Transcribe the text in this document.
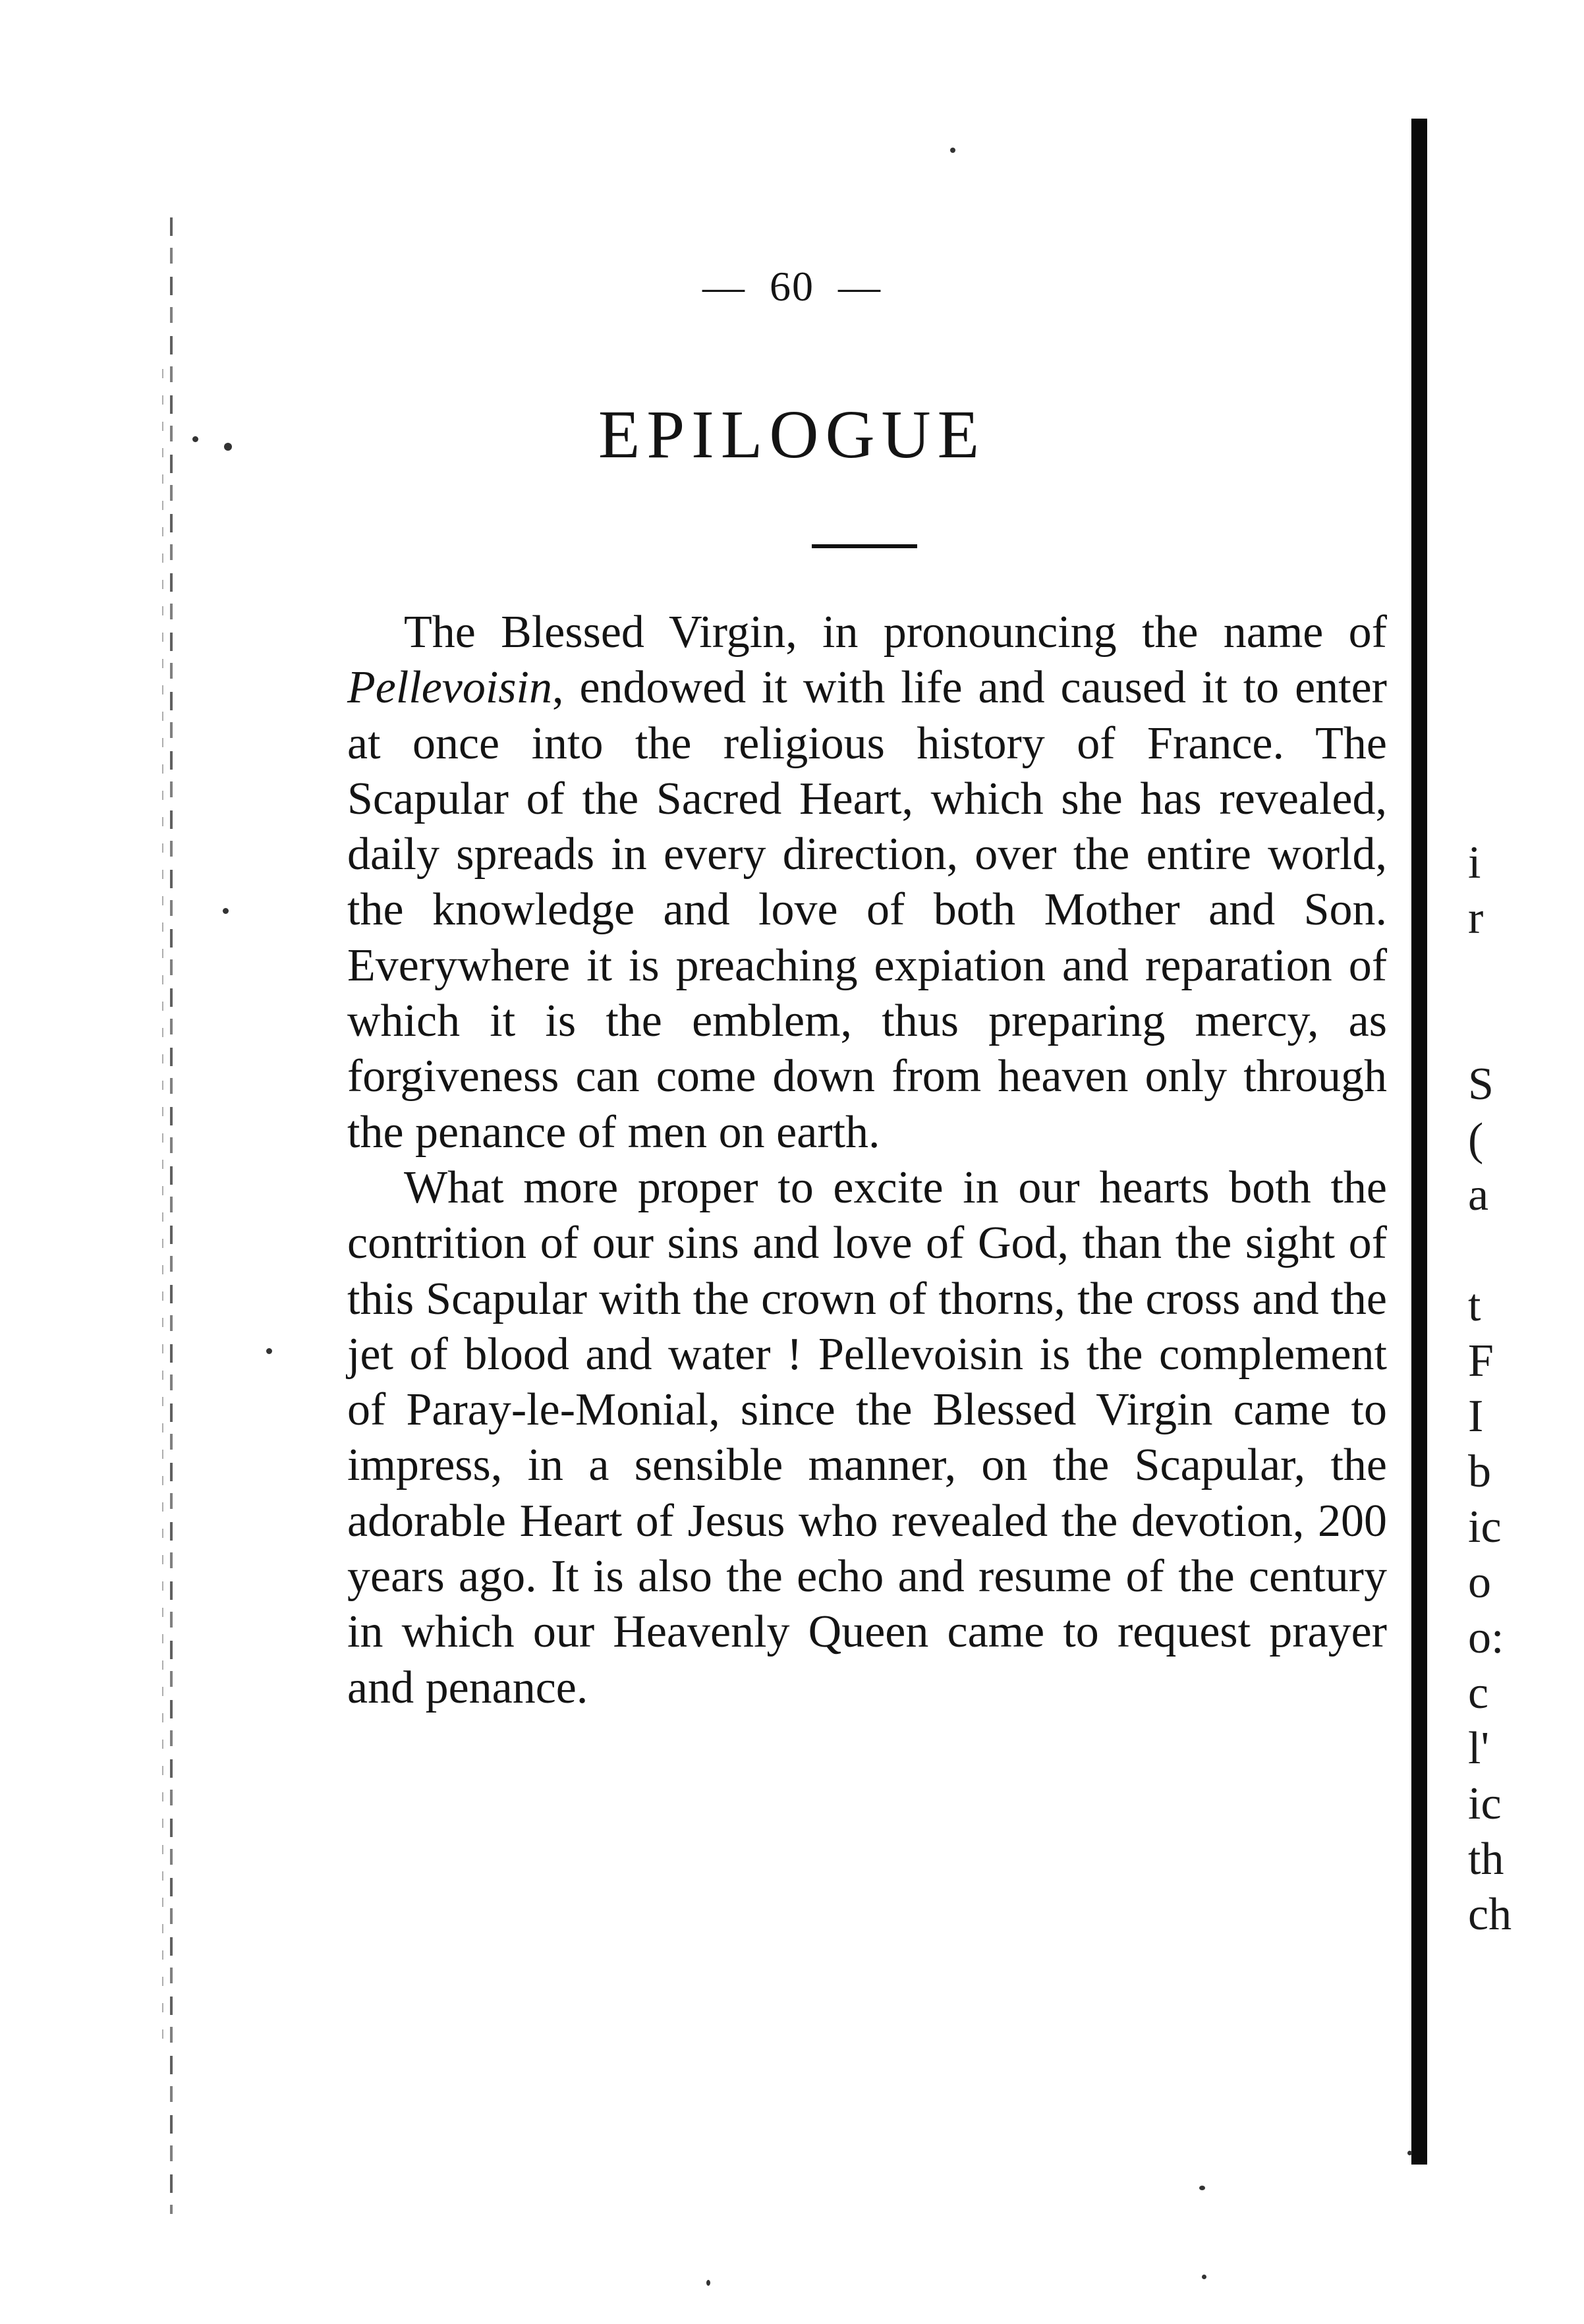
— 60 —
EPILOGUE

The Blessed Virgin, in pronouncing the name of Pellevoisin, endowed it with life and caused it to enter at once into the religious history of France. The Scapular of the Sacred Heart, which she has revealed, daily spreads in every direction, over the entire world, the knowledge and love of both Mother and Son. Everywhere it is preaching expiation and reparation of which it is the emblem, thus preparing mercy, as forgiveness can come down from heaven only through the penance of men on earth.

What more proper to excite in our hearts both the contrition of our sins and love of God, than the sight of this Scapular with the crown of thorns, the cross and the jet of blood and water ! Pellevoisin is the complement of Paray-le-Monial, since the Blessed Virgin came to impress, in a sensible manner, on the Scapular, the adorable Heart of Jesus who revealed the devotion, 200 years ago. It is also the echo and resume of the century in which our Heavenly Queen came to request prayer and penance.

i
r
S
(
a
t
F
I
b
ic
o
o:
c
l'
ic
th
ch
